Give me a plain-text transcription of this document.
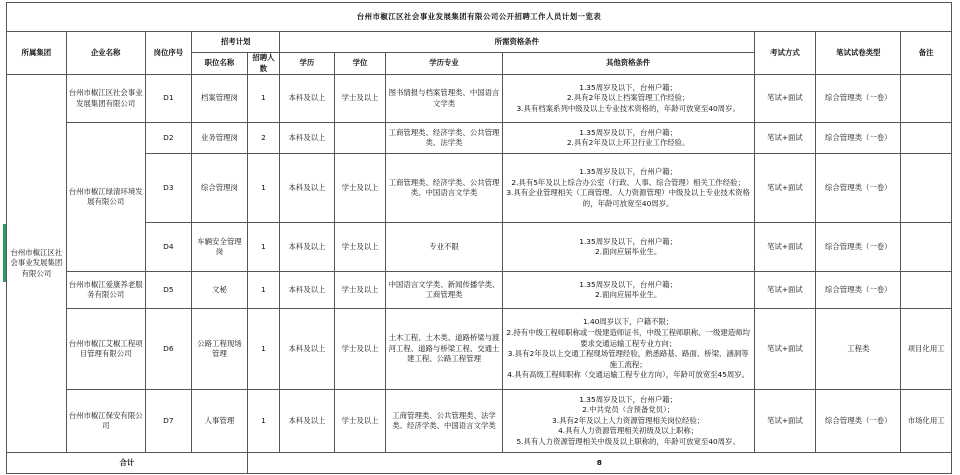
台州市椒江区社会事业发展集团有限公司公开招聘工作人员计划一览表											
所属集团	企业名称	岗位序号	招考计划		所需资格条件				考试方式	笔试试卷类型	备注
			职位名称	招聘人数	学历	学位	学历专业	其他资格条件			
台州市椒江区社会事业发展集团有限公司	台州市椒江区社会事业发展集团有限公司	D1	档案管理岗	1	本科及以上	学士及以上	图书情报与档案管理类、中国语言文学类	1.35周岁及以下，台州户籍；
2.具有2年及以上档案管理工作经验；
3.具有档案系列中级及以上专业技术资格的，年龄可放宽至40周岁。	笔试+面试	综合管理类（一卷）	
	台州市椒江绿清环境发展有限公司	D2	业务管理岗	2	本科及以上		工商管理类、经济学类、公共管理类、法学类	1.35周岁及以下，台州户籍；
2.具有2年及以上环卫行业工作经验。	笔试+面试	综合管理类（一卷）	
		D3	综合管理岗	1	本科及以上	学士及以上	工商管理类、经济学类、公共管理类、中国语言文学类	1.35周岁及以下，台州户籍；
2.具有5年及以上综合办公室（行政、人事、综合管理）相关工作经验；
3.具有企业管理相关（工商管理、人力资源管理）中级及以上专业技术资格的，年龄可放宽至40周岁。	笔试+面试	综合管理类（一卷）	
		D4	车辆安全管理岗	1	本科及以上	学士及以上	专业不限	1.35周岁及以下，台州户籍；
2.面向应届毕业生。	笔试+面试	综合管理类（一卷）	
	台州市椒江爱康养老服务有限公司	D5	文秘	1	本科及以上	学士及以上	中国语言文学类、新闻传播学类、工商管理类	1.35周岁及以下，台州户籍；
2.面向应届毕业生。	笔试+面试	综合管理类（一卷）	
	台州市椒江艾椒工程项目管理有限公司	D6	公路工程现场管理	1	本科及以上	学士及以上	土木工程、土木类、道路桥梁与渡河工程、道路与桥梁工程、交通土建工程、公路工程管理	1.40周岁以下，户籍不限；
2.持有中级工程师职称或一级建造师证书，中级工程师职称、一级建造师均要求交通运输工程专业方向；
3.具有2年及以上交通工程现场管理经验，熟悉路基、路面、桥梁、涵洞等施工流程；
4.具有高级工程师职称（交通运输工程专业方向），年龄可放宽至45周岁。	笔试+面试	工程类	项目化用工
	台州市椒江保安有限公司	D7	人事管理	1	本科及以上	学士及以上	工商管理类、公共管理类、法学类、经济学类、中国语言文学类	1.35周岁及以下，台州户籍；
2.中共党员（含预备党员）；
3.具有2年及以上人力资源管理相关岗位经验；
4.具有人力资源管理相关初级及以上职称；
5.具有人力资源管理相关中级及以上职称的，年龄可放宽至40周岁。	笔试+面试	综合管理类（一卷）	市场化用工
合计				8							
